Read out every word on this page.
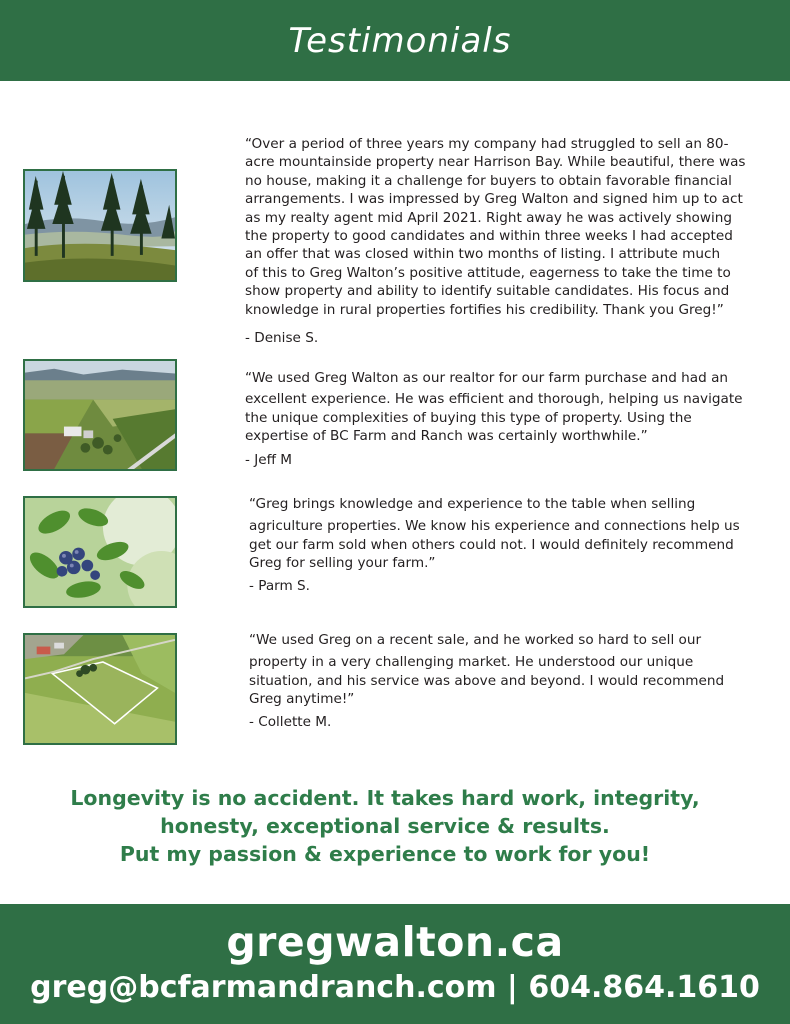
Testimonials
“Over a period of three years my company had struggled to sell an 80-
acre mountainside property near Harrison Bay. While beautiful, there was
no house, making it a challenge for buyers to obtain favorable financial
arrangements. I was impressed by Greg Walton and signed him up to act
as my realty agent mid April 2021. Right away he was actively showing
the property to good candidates and within three weeks I had accepted
an offer that was closed within two months of listing. I attribute much
of this to Greg Walton’s positive attitude, eagerness to take the time to
show property and ability to identify suitable candidates. His focus and
knowledge in rural properties fortifies his credibility. Thank you Greg!”
- Denise S.
“We used Greg Walton as our realtor for our farm purchase and had an
excellent experience. He was efficient and thorough, helping us navigate
the unique complexities of buying this type of property. Using the
expertise of BC Farm and Ranch was certainly worthwhile.”
- Jeff M
“Greg brings knowledge and experience to the table when selling
agriculture properties. We know his experience and connections help us
get our farm sold when others could not. I would definitely recommend
Greg for selling your farm.”
- Parm S.
“We used Greg on a recent sale, and he worked so hard to sell our
property in a very challenging market. He understood our unique
situation, and his service was above and beyond. I would recommend
Greg anytime!”
- Collette M.
Longevity is no accident. It takes hard work, integrity,
honesty, exceptional service & results.
Put my passion & experience to work for you!
gregwalton.ca
greg@bcfarmandranch.com | 604.864.1610
